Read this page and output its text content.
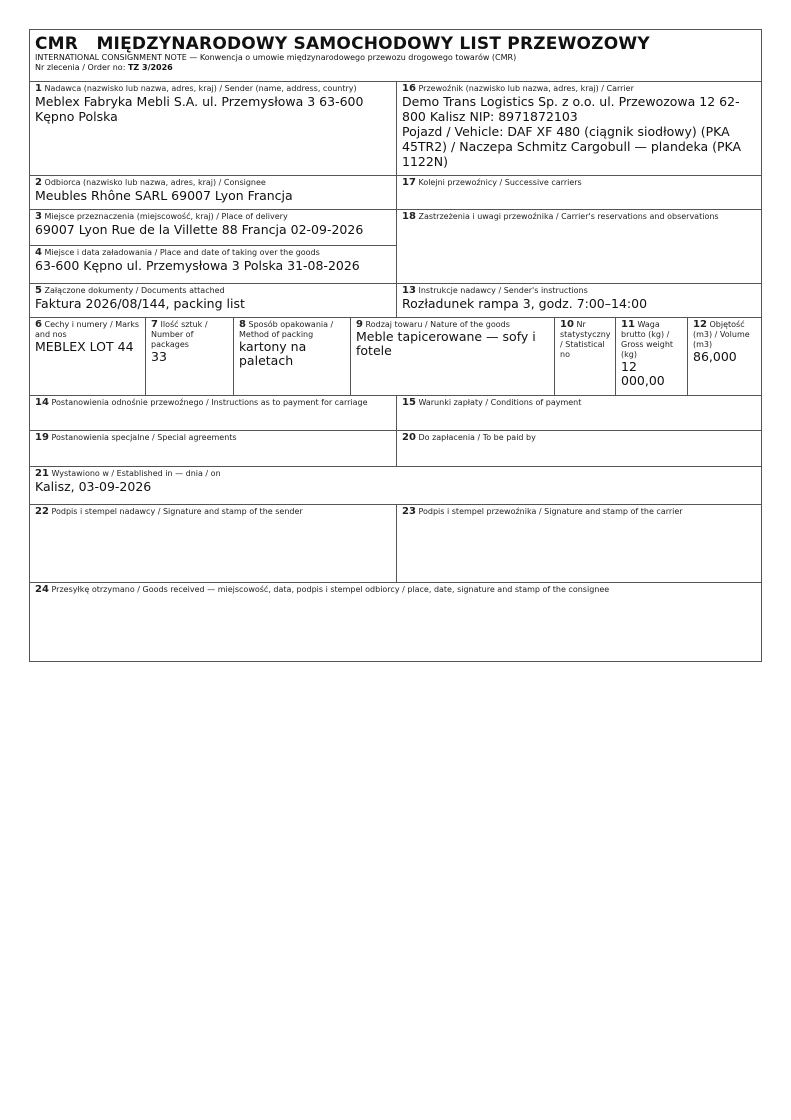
CMR   MIĘDZYNARODOWY SAMOCHODOWY LIST PRZEWOZOWY
INTERNATIONAL CONSIGNMENT NOTE — Konwencja o umowie międzynarodowego przewozu drogowego towarów (CMR)
Nr zlecenia / Order no: TZ 3/2026
1 Nadawca (nazwisko lub nazwa, adres, kraj) / Sender (name, address, country)
Meblex Fabryka Mebli S.A. ul. Przemysłowa 3 63-600 Kępno Polska
16 Przewoźnik (nazwisko lub nazwa, adres, kraj) / Carrier
Demo Trans Logistics Sp. z o.o. ul. Przewozowa 12 62-800 Kalisz NIP: 8971872103
Pojazd / Vehicle: DAF XF 480 (ciągnik siodłowy) (PKA 45TR2) / Naczepa Schmitz Cargobull — plandeka (PKA 1122N)
2 Odbiorca (nazwisko lub nazwa, adres, kraj) / Consignee
Meubles Rhône SARL 69007 Lyon Francja
17 Kolejni przewoźnicy / Successive carriers
3 Miejsce przeznaczenia (miejscowość, kraj) / Place of delivery
69007 Lyon Rue de la Villette 88 Francja 02-09-2026
18 Zastrzeżenia i uwagi przewoźnika / Carrier's reservations and observations
4 Miejsce i data załadowania / Place and date of taking over the goods
63-600 Kępno ul. Przemysłowa 3 Polska 31-08-2026
5 Załączone dokumenty / Documents attached
Faktura 2026/08/144, packing list
13 Instrukcje nadawcy / Sender's instructions
Rozładunek rampa 3, godz. 7:00–14:00
6 Cechy i numery / Marks and nos
MEBLEX LOT 44
7 Ilość sztuk / Number of packages
33
8 Sposób opakowania / Method of packing
kartony na paletach
9 Rodzaj towaru / Nature of the goods
Meble tapicerowane — sofy i fotele
10 Nr statystyczny / Statistical no
11 Waga brutto (kg) / Gross weight (kg)
12 000,00
12 Objętość (m3) / Volume (m3)
86,000
14 Postanowienia odnośnie przewoźnego / Instructions as to payment for carriage	15 Warunki zapłaty / Conditions of payment
19 Postanowienia specjalne / Special agreements	20 Do zapłacenia / To be paid by
21 Wystawiono w / Established in — dnia / on
Kalisz, 03-09-2026
22 Podpis i stempel nadawcy / Signature and stamp of the sender	23 Podpis i stempel przewoźnika / Signature and stamp of the carrier
24 Przesyłkę otrzymano / Goods received — miejscowość, data, podpis i stempel odbiorcy / place, date, signature and stamp of the consignee
